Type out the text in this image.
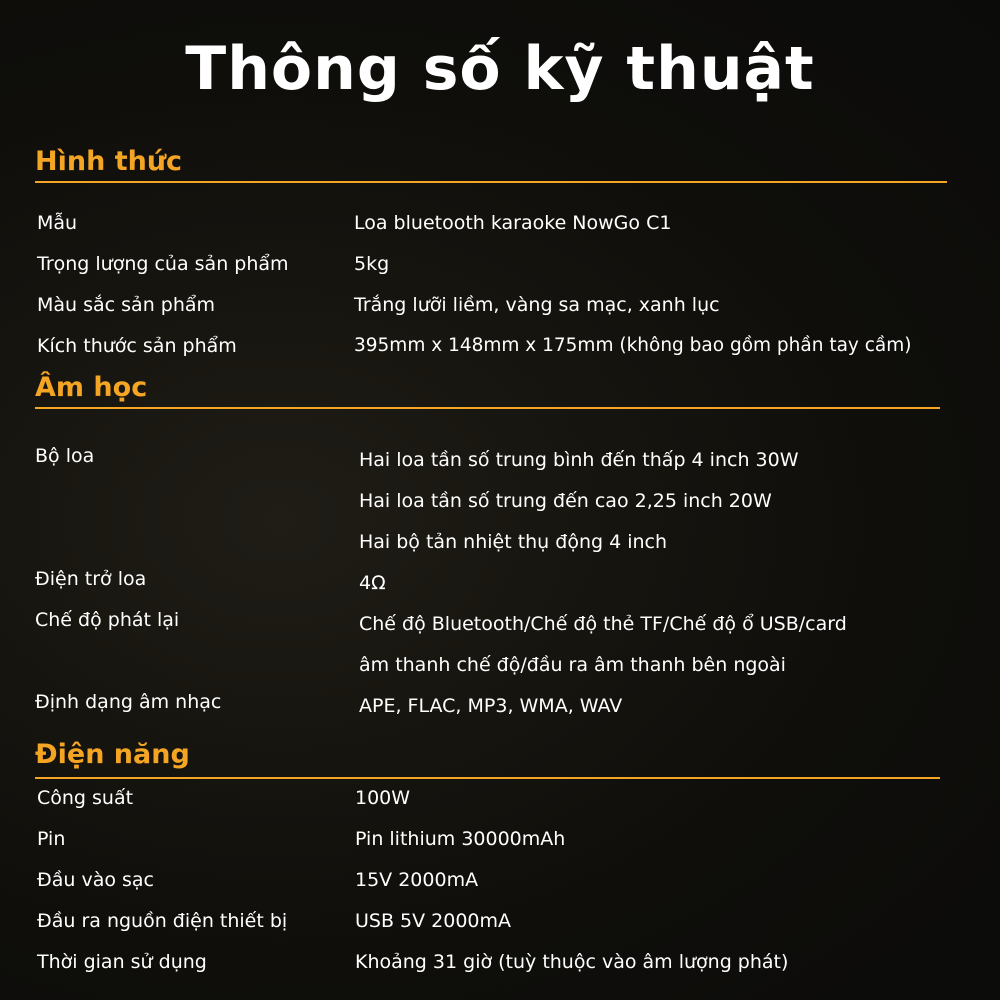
Thông số kỹ thuật
Hình thức
Mẫu	Loa bluetooth karaoke NowGo C1
Trọng lượng của sản phẩm	5kg
Màu sắc sản phẩm	Trắng lưỡi liềm, vàng sa mạc, xanh lục
Kích thước sản phẩm	395mm x 148mm x 175mm (không bao gồm phần tay cầm)
Âm học
Bộ loa	Hai loa tần số trung bình đến thấp 4 inch 30W
Hai loa tần số trung đến cao 2,25 inch 20W
Hai bộ tản nhiệt thụ động 4 inch
Điện trở loa	4Ω
Chế độ phát lại	Chế độ Bluetooth/Chế độ thẻ TF/Chế độ ổ USB/card
âm thanh chế độ/đầu ra âm thanh bên ngoài
Định dạng âm nhạc	APE, FLAC, MP3, WMA, WAV
Điện năng
Công suất	100W
Pin	Pin lithium 30000mAh
Đầu vào sạc	15V 2000mA
Đầu ra nguồn điện thiết bị	USB 5V 2000mA
Thời gian sử dụng	Khoảng 31 giờ (tuỳ thuộc vào âm lượng phát)
